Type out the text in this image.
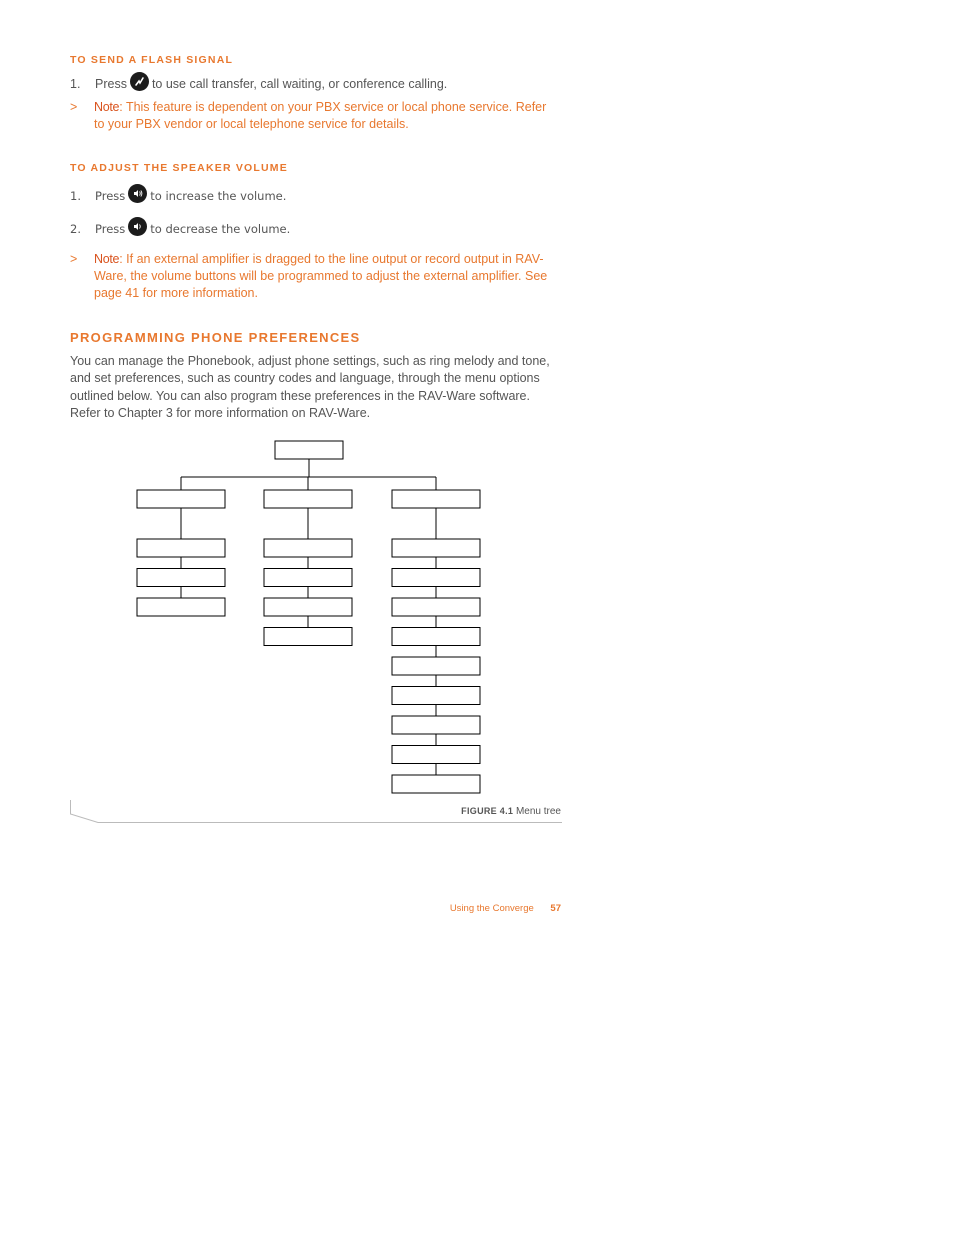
TO SEND A FLASH SIGNAL
1. Press to use call transfer, call waiting, or conference calling.
> Note: This feature is dependent on your PBX service or local phone service. Refer to your PBX vendor or local telephone service for details.
TO ADJUST THE SPEAKER VOLUME
1. Press to increase the volume.
2. Press to decrease the volume.
> Note: If an external amplifier is dragged to the line output or record output in RAV-Ware, the volume buttons will be programmed to adjust the external amplifier. See page 41 for more information.
PROGRAMMING PHONE PREFERENCES
You can manage the Phonebook, adjust phone settings, such as ring melody and tone, and set preferences, such as country codes and language, through the menu options outlined below. You can also program these preferences in the RAV-Ware software. Refer to Chapter 3 for more information on RAV-Ware.
FIGURE 4.1 Menu tree
Using the Converge 57
